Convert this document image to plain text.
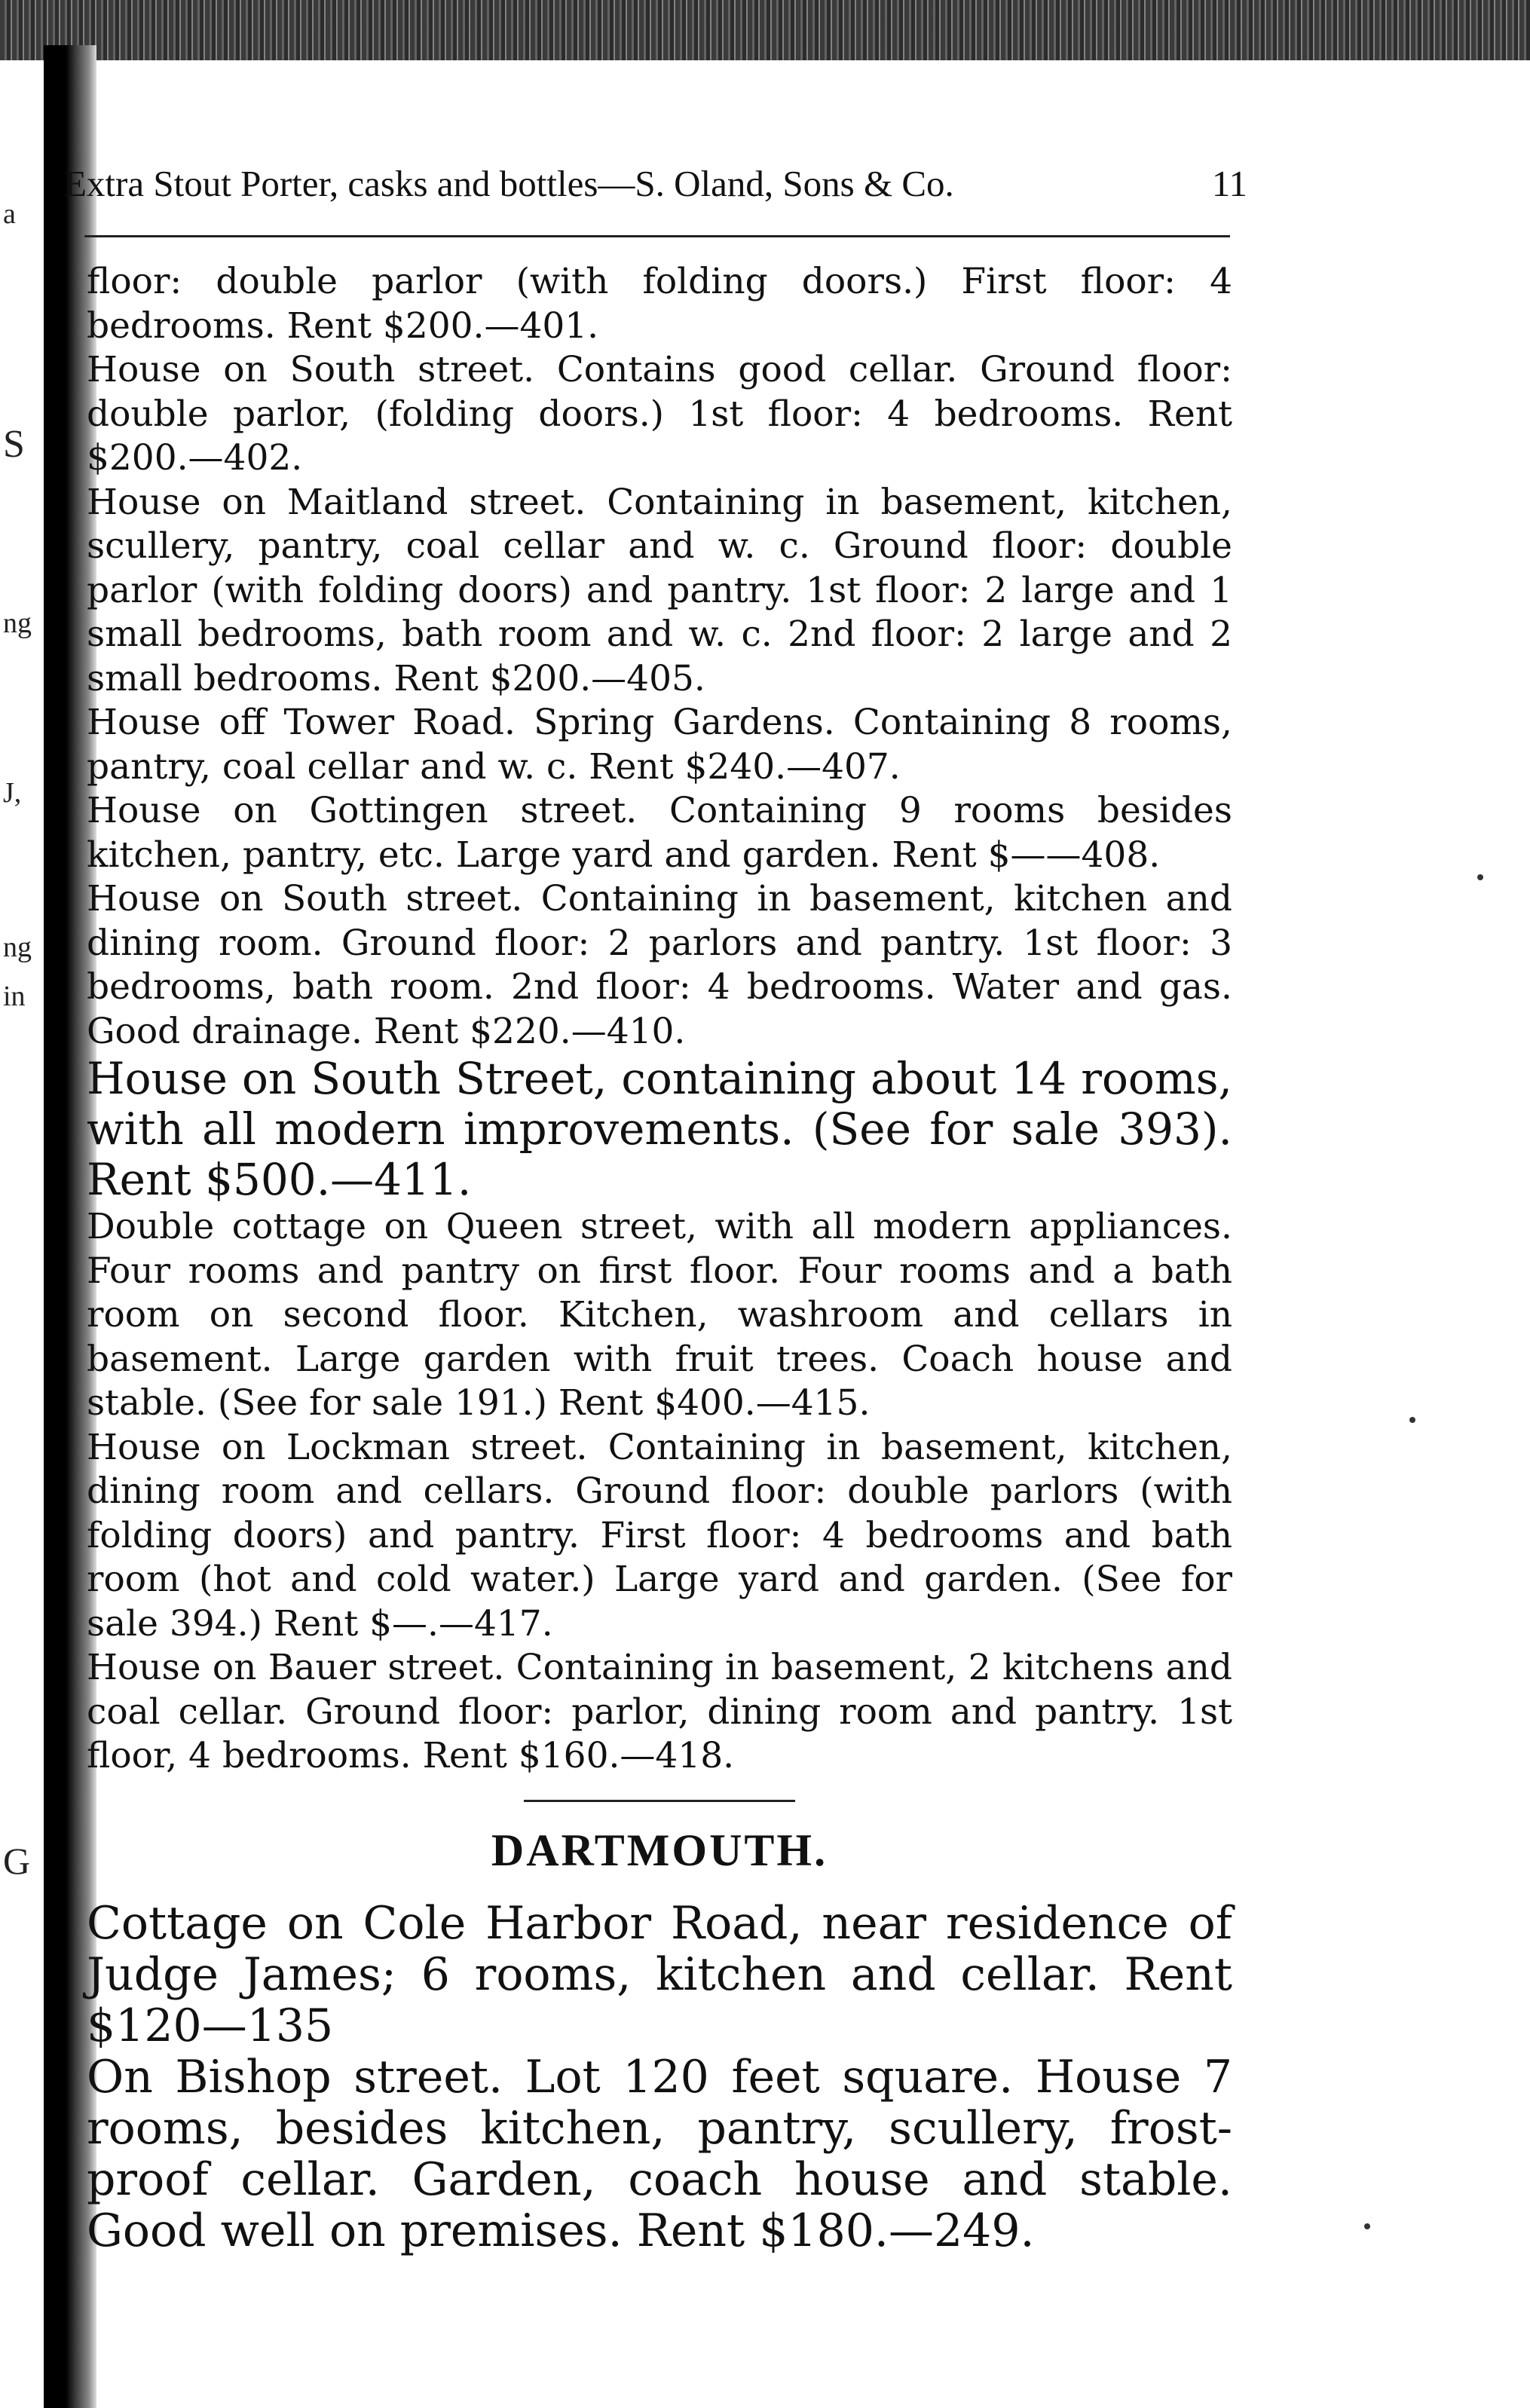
a
S
ng
J,
ng
in
G
Extra Stout Porter, casks and bottles—S. Oland, Sons & Co.	11

floor: double parlor (with folding doors.) First floor: 4 bedrooms. Rent $200.—401.

House on South street. Contains good cellar. Ground floor: double parlor, (folding doors.) 1st floor: 4 bedrooms. Rent $200.—402.

House on Maitland street. Containing in basement, kitchen, scullery, pantry, coal cellar and w. c. Ground floor: double parlor (with folding doors) and pantry. 1st floor: 2 large and 1 small bedrooms, bath room and w. c. 2nd floor: 2 large and 2 small bedrooms. Rent $200.—405.

House off Tower Road. Spring Gardens. Containing 8 rooms, pantry, coal cellar and w. c. Rent $240.—407.

House on Gottingen street. Containing 9 rooms besides kitchen, pantry, etc. Large yard and garden. Rent $——408.

House on South street. Containing in basement, kitchen and dining room. Ground floor: 2 parlors and pantry. 1st floor: 3 bedrooms, bath room. 2nd floor: 4 bedrooms. Water and gas. Good drainage. Rent $220.—410.

House on South Street, containing about 14 rooms, with all modern improvements. (See for sale 393). Rent $500.—411.

Double cottage on Queen street, with all modern appliances. Four rooms and pantry on first floor. Four rooms and a bath room on second floor. Kitchen, washroom and cellars in basement. Large garden with fruit trees. Coach house and stable. (See for sale 191.) Rent $400.—415.

House on Lockman street. Containing in basement, kitchen, dining room and cellars. Ground floor: double parlors (with folding doors) and pantry. First floor: 4 bedrooms and bath room (hot and cold water.) Large yard and garden. (See for sale 394.) Rent $—.—417.

House on Bauer street. Containing in basement, 2 kitchens and coal cellar. Ground floor: parlor, dining room and pantry. 1st floor, 4 bedrooms. Rent $160.—418.

DARTMOUTH.

Cottage on Cole Harbor Road, near residence of Judge James; 6 rooms, kitchen and cellar. Rent $120—135

On Bishop street. Lot 120 feet square. House 7 rooms, besides kitchen, pantry, scullery, frost-proof cellar. Garden, coach house and stable. Good well on premises. Rent $180.—249.
